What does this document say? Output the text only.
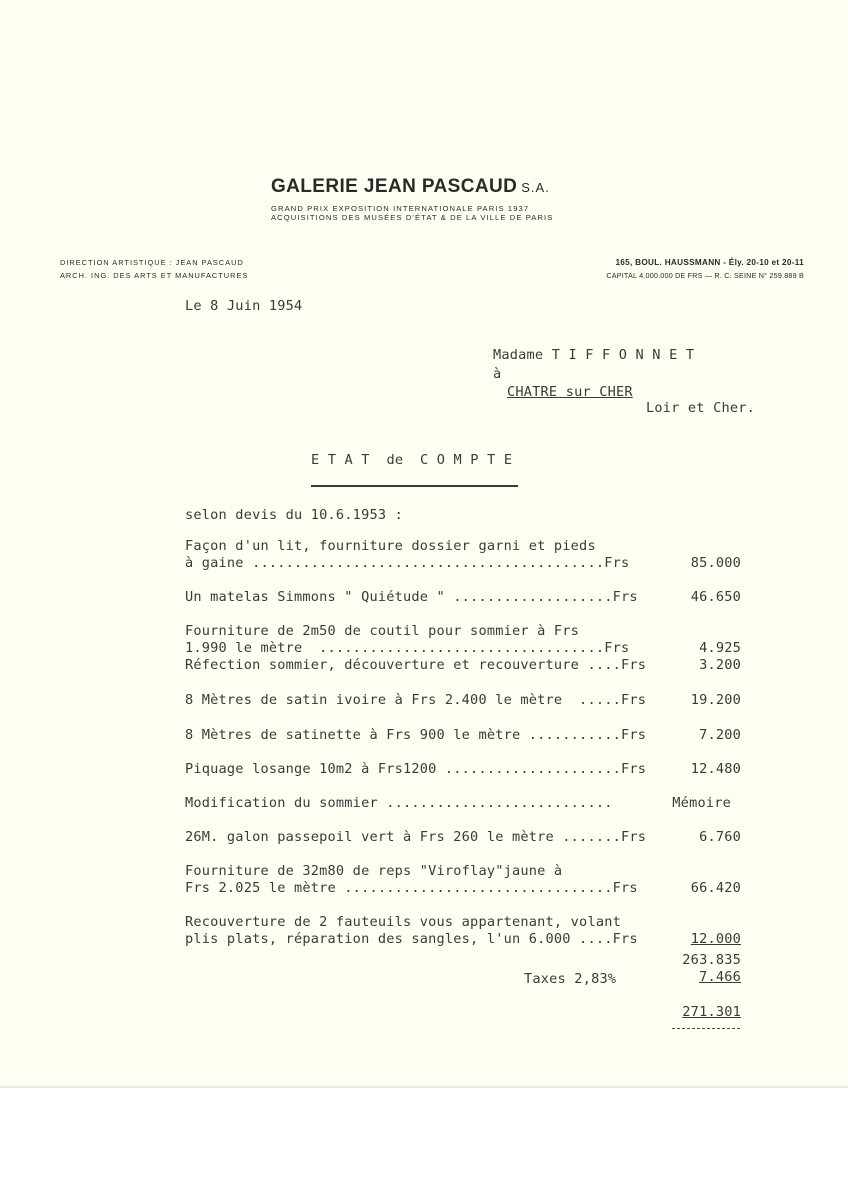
GALERIE JEAN PASCAUD S.A.
GRAND PRIX EXPOSITION INTERNATIONALE PARIS 1937
ACQUISITIONS DES MUSÉES D'ÉTAT & DE LA VILLE DE PARIS
DIRECTION ARTISTIQUE : JEAN PASCAUD
ARCH. ING. DES ARTS ET MANUFACTURES
165, BOUL. HAUSSMANN - Ély. 20-10 et 20-11
CAPITAL 4.000.000 DE FRS — R. C. SEINE N° 259.889 B
Le 8 Juin 1954
Madame T I F F O N N E T
à
CHATRE sur CHER
Loir et Cher.
E T A T  de  C O M P T E
selon devis du 10.6.1953 :
Façon d'un lit, fourniture dossier garni et pieds
à gaine ..........................................Frs	85.000
Un matelas Simmons " Quiétude " ...................Frs	46.650
Fourniture de 2m50 de coutil pour sommier à Frs
1.990 le mètre  ..................................Frs	4.925
Réfection sommier, découverture et recouverture ....Frs	3.200
8 Mètres de satin ivoire à Frs 2.400 le mètre  .....Frs	19.200
8 Mètres de satinette à Frs 900 le mètre ...........Frs	7.200
Piquage losange 10m2 à Frs1200 .....................Frs	12.480
Modification du sommier ...........................	Mémoire
26M. galon passepoil vert à Frs 260 le mètre .......Frs	6.760
Fourniture de 32m80 de reps "Viroflay"jaune à
Frs 2.025 le mètre ................................Frs	66.420
Recouverture de 2 fauteuils vous appartenant, volant
plis plats, réparation des sangles, l'un 6.000 ....Frs	12.000
263.835
Taxes 2,83%	7.466
271.301
